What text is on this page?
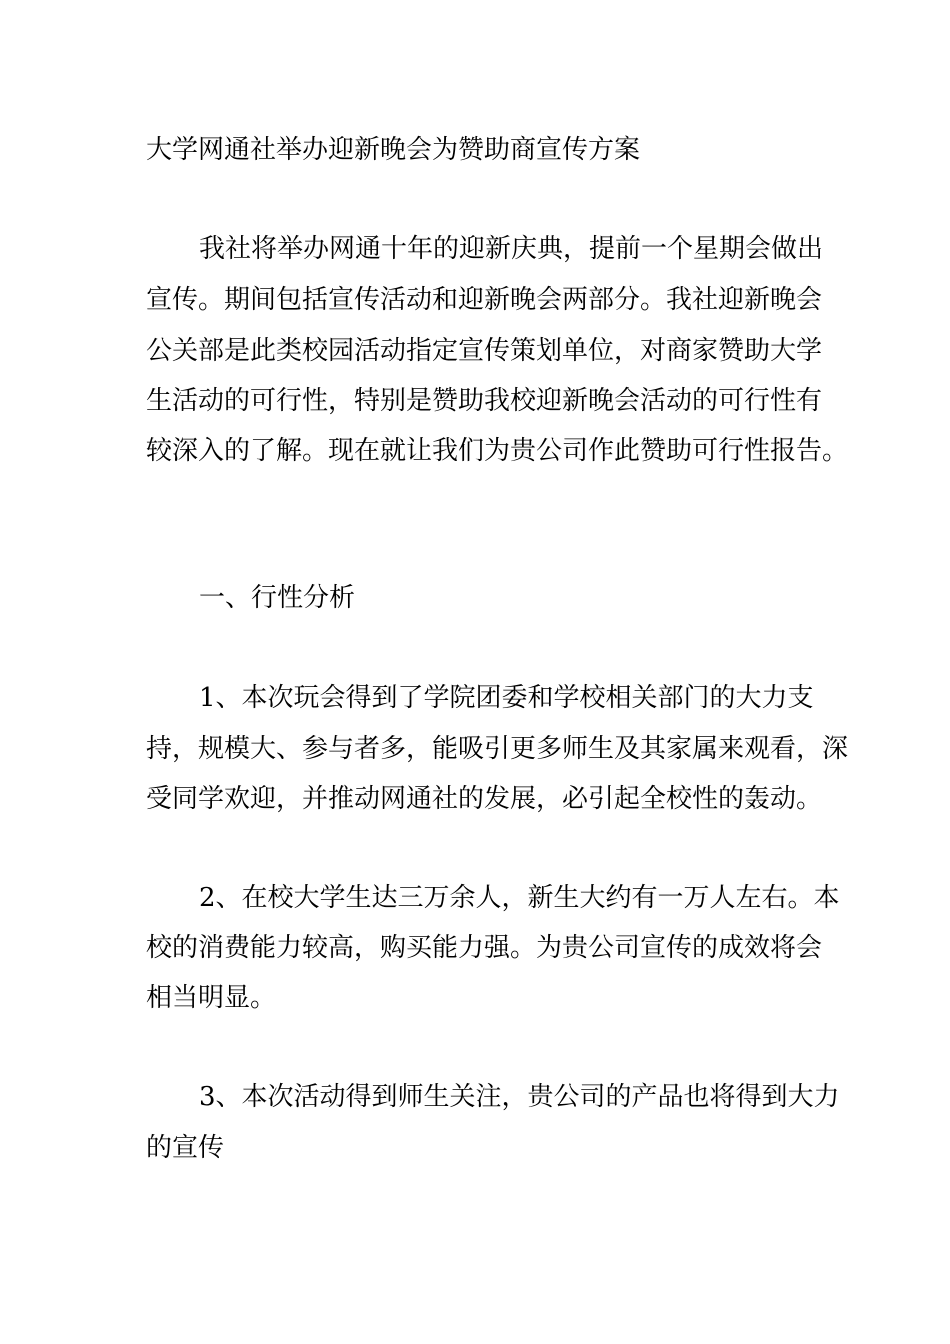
大学网通社举办迎新晚会为赞助商宣传方案
我社将举办网通十年的迎新庆典，提前一个星期会做出
宣传。期间包括宣传活动和迎新晚会两部分。我社迎新晚会
公关部是此类校园活动指定宣传策划单位，对商家赞助大学
生活动的可行性，特别是赞助我校迎新晚会活动的可行性有
较深入的了解。现在就让我们为贵公司作此赞助可行性报告。
一、行性分析
1、本次玩会得到了学院团委和学校相关部门的大力支
持，规模大、参与者多，能吸引更多师生及其家属来观看，深
受同学欢迎，并推动网通社的发展，必引起全校性的轰动。
2、在校大学生达三万余人，新生大约有一万人左右。本
校的消费能力较高，购买能力强。为贵公司宣传的成效将会
相当明显。
3、本次活动得到师生关注，贵公司的产品也将得到大力
的宣传
